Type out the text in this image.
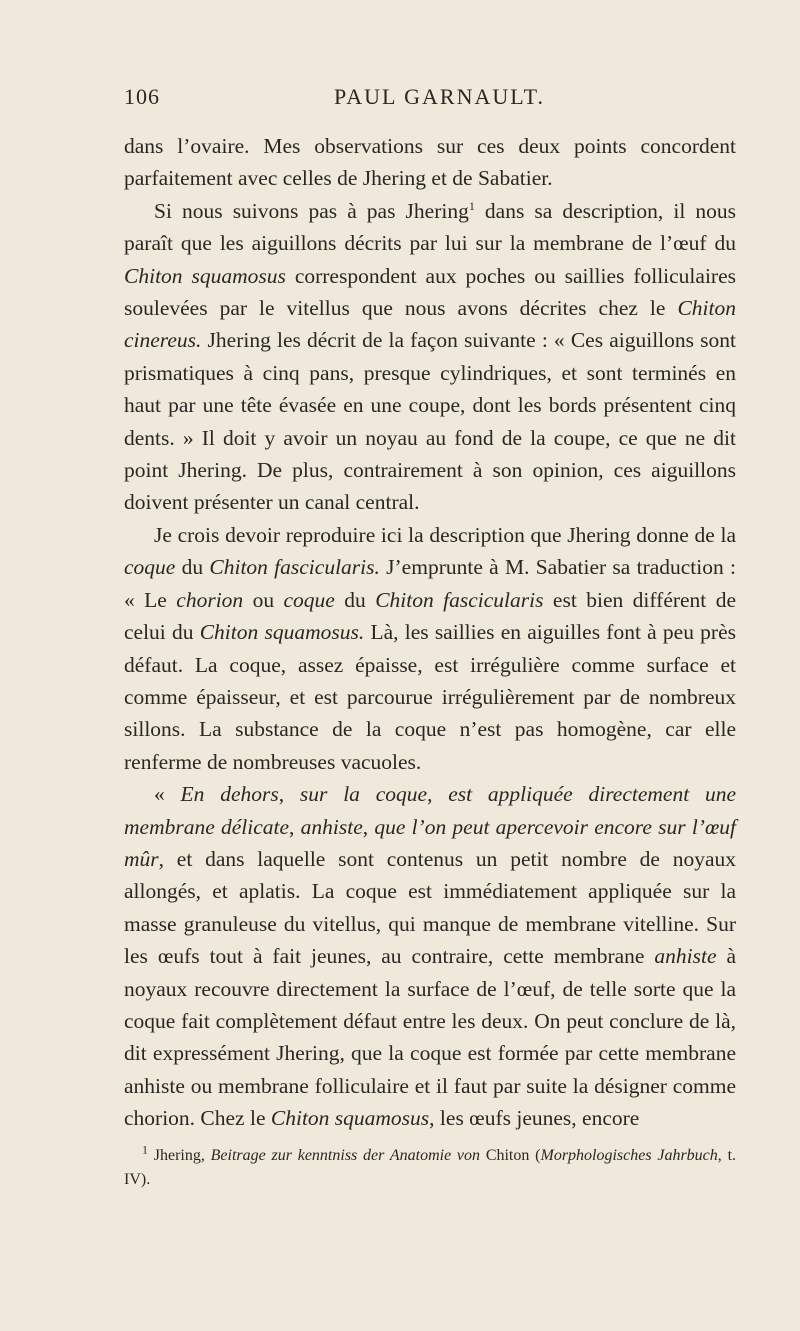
106	PAUL GARNAULT.

dans l’ovaire. Mes observations sur ces deux points concordent parfaitement avec celles de Jhering et de Sabatier.

Si nous suivons pas à pas Jhering$^1$ dans sa description, il nous paraît que les aiguillons décrits par lui sur la membrane de l’œuf du Chiton squamosus correspondent aux poches ou saillies folliculaires soulevées par le vitellus que nous avons décrites chez le Chiton cinereus. Jhering les décrit de la façon suivante : « Ces aiguillons sont prismatiques à cinq pans, presque cylindriques, et sont terminés en haut par une tête évasée en une coupe, dont les bords présentent cinq dents. » Il doit y avoir un noyau au fond de la coupe, ce que ne dit point Jhering. De plus, contrairement à son opinion, ces aiguillons doivent présenter un canal central.

Je crois devoir reproduire ici la description que Jhering donne de la coque du Chiton fascicularis. J’emprunte à M. Sabatier sa traduction : « Le chorion ou coque du Chiton fascicularis est bien différent de celui du Chiton squamosus. Là, les saillies en aiguilles font à peu près défaut. La coque, assez épaisse, est irrégulière comme surface et comme épaisseur, et est parcourue irrégulièrement par de nombreux sillons. La substance de la coque n’est pas homogène, car elle renferme de nombreuses vacuoles.

« En dehors, sur la coque, est appliquée directement une membrane délicate, anhiste, que l’on peut apercevoir encore sur l’œuf mûr, et dans laquelle sont contenus un petit nombre de noyaux allongés, et aplatis. La coque est immédiatement appliquée sur la masse granuleuse du vitellus, qui manque de membrane vitelline. Sur les œufs tout à fait jeunes, au contraire, cette membrane anhiste à noyaux recouvre directement la surface de l’œuf, de telle sorte que la coque fait complètement défaut entre les deux. On peut conclure de là, dit expressément Jhering, que la coque est formée par cette membrane anhiste ou membrane folliculaire et il faut par suite la désigner comme chorion. Chez le Chiton squamosus, les œufs jeunes, encore

$^1$ Jhering, Beitrage zur kenntniss der Anatomie von Chiton (Morphologisches Jahrbuch, t. IV).
